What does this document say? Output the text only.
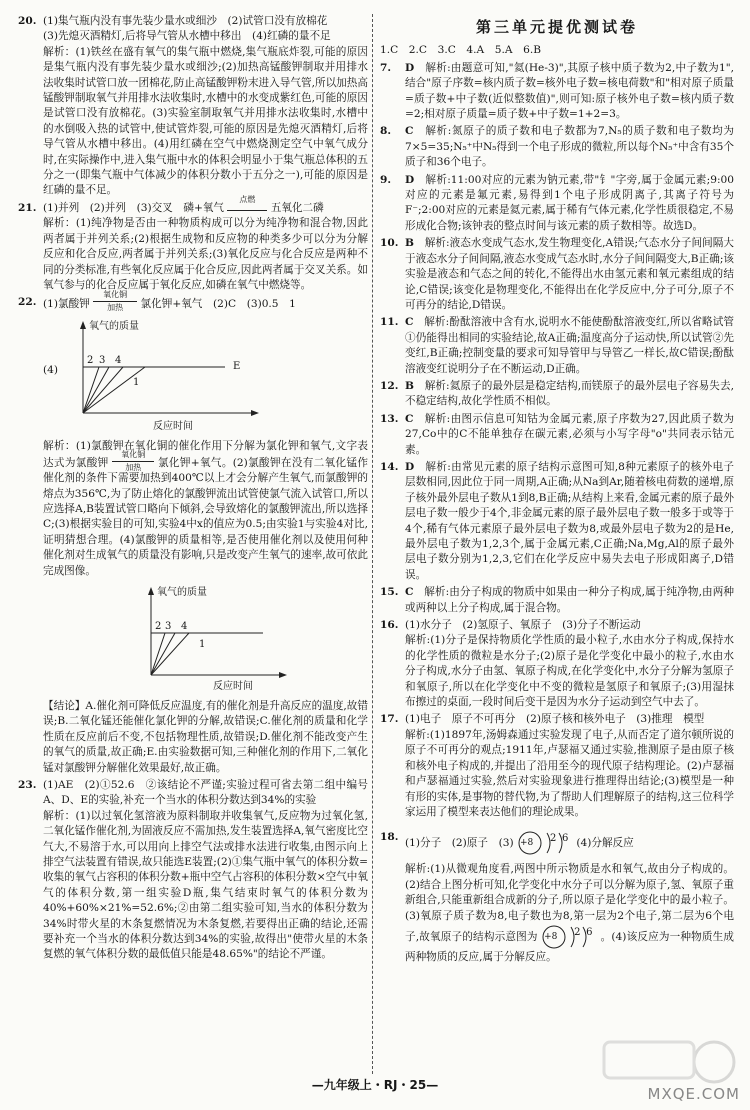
20. (1)集气瓶内没有事先装少量水或细沙　(2)试管口没有放棉花
(3)先熄灭酒精灯,后将导气管从水槽中移出　(4)红磷的量不足
解析：(1)铁丝在盛有氧气的集气瓶中燃烧,集气瓶底炸裂,可能的原因是集气瓶内没有事先装少量水或细沙;(2)加热高锰酸钾制取并用排水法收集时试管口放一团棉花,防止高锰酸钾粉末进入导气管,所以加热高锰酸钾制取氧气并用排水法收集时,水槽中的水变成紫红色,可能的原因是试管口没有放棉花。(3)实验室制取氧气并用排水法收集时,水槽中的水倒吸入热的试管中,使试管炸裂,可能的原因是先熄灭酒精灯,后将导气管从水槽中移出。(4)用红磷在空气中燃烧测定空气中氧气成分时,在实际操作中,进入集气瓶中水的体积会明显小于集气瓶总体积的五分之一(即集气瓶中气体减少的体积分数小于五分之一),可能的原因是红磷的量不足。
21. (1)并列　(2)并列　(3)交叉　磷+氧气
点燃
五氧化二磷
解析：(1)纯净物是否由一种物质构成可以分为纯净物和混合物,因此两者属于并列关系;(2)根据生成物和反应物的种类多少可以分为分解反应和化合反应,两者属于并列关系;(3)氧化反应与化合反应是两种不同的分类标准,有些氧化反应属于化合反应,因此两者属于交叉关系。如氧气参与的化合反应属于氧化反应,如磷在氧气中燃烧等。
22. (1)氯酸钾
氧化铜
加热	氯化钾+氧气　(2)C　(3)0.5　1
(4)
氧气的质量
2 3 4
1
E
反应时间
解析：(1)氯酸钾在氧化铜的催化作用下分解为氯化钾和氧气,文字表达式为氯酸钾
氧化铜
加热	氯化钾+氧气。(2)氯酸钾在没有二氧化锰作催化剂的条件下需要加热到400℃以上才会分解产生氧气,而氯酸钾的熔点为356℃,为了防止熔化的氯酸钾流出试管使氯气流入试管口,所以应选择A,B装置试管口略向下倾斜,会导致熔化的氯酸钾流出,所以选择C;(3)根据实验目的可知,实验4中x的值应为0.5;由实验1与实验4对比,证明猜想合理。(4)氯酸钾的质量相等,是否使用催化剂以及使用何种催化剂对生成氧气的质量没有影响,只是改变产生氧气的速率,故可依此完成图像。
氧气的质量
2 3 4
1
反应时间
【结论】A.催化剂可降低反应温度,有的催化剂是升高反应的温度,故错误;B.二氧化锰还能催化氯化钾的分解,故错误;C.催化剂的质量和化学性质在反应前后不变,不包括物理性质,故错误;D.催化剂不能改变产生的氧气的质量,故正确;E.由实验数据可知,三种催化剂的作用下,二氧化锰对氯酸钾分解催化效果最好,故正确。
23. (1)AE　(2)①52.6　②该结论不严谨;实验过程可省去第二组中编号A、D、E的实验,补充一个当水的体积分数达到34%的实验
解析：(1)以过氧化氢溶液为原料制取并收集氧气,反应物为过氧化氢,二氧化锰作催化剂,为固液反应不需加热,发生装置选择A,氧气密度比空气大,不易溶于水,可以用向上排空气法或排水法进行收集,由图示向上排空气法装置有错误,故只能选E装置;(2)①集气瓶中氧气的体积分数=收集的氧气占容积的体积分数+瓶中空气占容积的体积分数×空气中氧气的体积分数,第一组实验D瓶,集气结束时氧气的体积分数为40%+60%×21%=52.6%;②由第二组实验可知,当水的体积分数为34%时带火星的木条复燃情况为木条复燃,若要得出正确的结论,还需要补充一个当水的体积分数达到34%的实验,故得出"使带火星的木条复燃的氧气体积分数的最低值只能是48.65%"的结论不严谨。
第三单元提优测试卷
1.C　2.C　3.C　4.A　5.A　6.B
7.	D　 解析:由题意可知,"氦(He-3)",其原子核中质子数为2,中子数为1",结合"原子序数=核内质子数=核外电子数=核电荷数"和"相对原子质量=质子数+中子数(近似整数值)",则可知:原子核外电子数=核内质子数=2;相对原子质量=质子数+中子数=1+2=3。
8.	C　 解析:氮原子的质子数和电子数都为7,N₅的质子数和电子数均为7×5=35;N₅⁺中N₅得到一个电子形成的微粒,所以每个N₅⁺中含有35个质子和36个电子。
9.	D　 解析:11:00对应的元素为钠元素,带"钅"字旁,属于金属元素;9:00对应的元素是氟元素,易得到1个电子形成阴离子,其离子符号为F⁻;2:00对应的元素是氦元素,属于稀有气体元素,化学性质很稳定,不易形成化合物;该钟表的整点时间与该元素的质子数相等。故选D。
10. B　 解析:液态水变成气态水,发生物理变化,A错误;气态水分子间间隔大于液态水分子间间隔,液态水变成气态水时,水分子间间隔变大,B正确;该实验是液态和气态之间的转化,不能得出水由氢元素和氧元素组成的结论,C错误;该变化是物理变化,不能得出在化学反应中,分子可分,原子不可再分的结论,D错误。
11. C　 解析:酚酞溶液中含有水,说明水不能使酚酞溶液变红,所以省略试管①仍能得出相同的实验结论,故A正确;温度高分子运动快,所以试管②先变红,B正确;控制变量的要求可知导管甲与导管乙一样长,故C错误;酚酞溶液变红说明分子在不断运动,D正确。
12. B　 解析:氦原子的最外层是稳定结构,而镁原子的最外层电子容易失去,不稳定结构,故化学性质不相似。
13. C　 解析:由图示信息可知钴为金属元素,原子序数为27,因此质子数为27,Co中的C不能单独存在碳元素,必须与小写字母"o"共同表示钴元素。
14. D　 解析:由常见元素的原子结构示意图可知,8种元素原子的核外电子层数相同,因此位于同一周期,A正确;从Na到Ar,随着核电荷数的递增,原子核外最外层电子数从1到8,B正确;从结构上来看,金属元素的原子最外层电子数一般少于4个,非金属元素的原子最外层电子数一般多于或等于4个,稀有气体元素原子最外层电子数为8,或最外层电子数为2的是He,最外层电子数为1,2,3个,属于金属元素,C正确;Na,Mg,Al的原子最外层电子数分别为1,2,3,它们在化学反应中易失去电子形成阳离子,D错误。
15. C　 解析:由分子构成的物质中如果由一种分子构成,属于纯净物,由两种或两种以上分子构成,属于混合物。
16. (1)水分子　(2)氢原子、氧原子　(3)分子不断运动
解析:(1)分子是保持物质化学性质的最小粒子,水由水分子构成,保持水的化学性质的微粒是水分子;(2)原子是化学变化中最小的粒子,水由水分子构成,水分子由氢、氧原子构成,在化学变化中,水分子分解为氢原子和氧原子,所以在化学变化中不变的微粒是氢原子和氧原子;(3)用湿抹布擦过的桌面,一段时间后变干是因为水分子运动到空气中去了。
17. (1)电子　原子不可再分　(2)原子核和核外电子　(3)推理　模型
解析:(1)1897年,汤姆森通过实验发现了电子,从而否定了道尔顿所说的原子不可再分的观点;1911年,卢瑟福又通过实验,推测原子是由原子核和核外电子构成的,并提出了沿用至今的现代原子结构理论。(2)卢瑟福和卢瑟福通过实验,然后对实验现象进行推理得出结论;(3)模型是一种有形的实体,是事物的替代物,为了帮助人们理解原子的结构,这三位科学家运用了模型来表达他们的理论成果。
18. (1)分子　(2)原子　(3) +8 2 6 (4)分解反应
解析:(1)从微观角度看,两图中所示物质是水和氧气,故由分子构成的。(2)结合上图分析可知,化学变化中水分子可以分解为原子,氢、氧原子重新组合,只能重新组合成新的分子,所以原子是化学变化中的最小粒子。(3)氧原子质子数为8,电子数也为8,第一层为2个电子,第二层为6个电子,故氧原子的结构示意图为 +8 2 6 。(4)该反应为一种物质生成两种物质的反应,属于分解反应。
—九年级上・RJ・25—	MXQE.COM
